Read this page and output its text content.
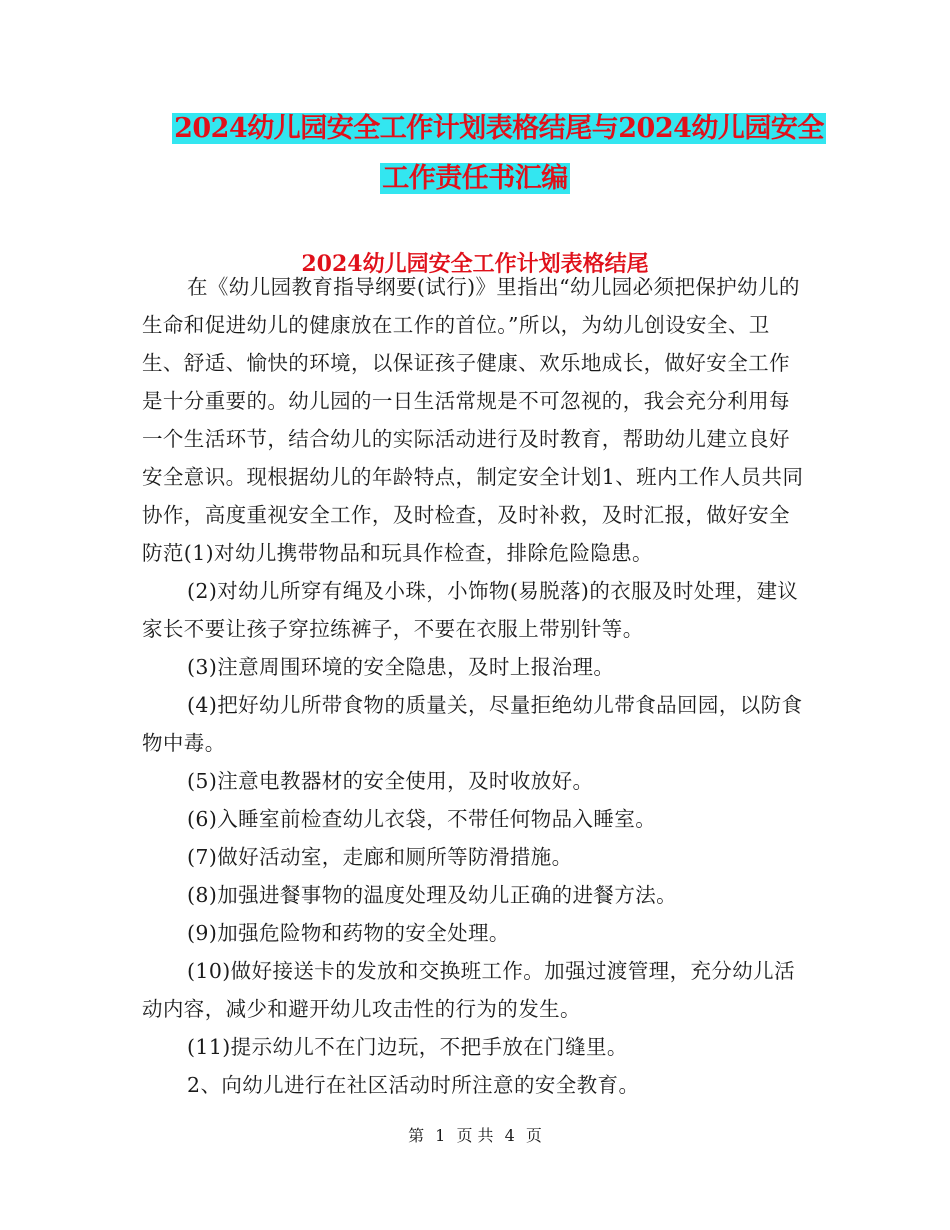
2024幼儿园安全工作计划表格结尾与2024幼儿园安全
工作责任书汇编
2024幼儿园安全工作计划表格结尾

在《幼儿园教育指导纲要(试行)》里指出“幼儿园必须把保护幼儿的生命和促进幼儿的健康放在工作的首位。”所以，为幼儿创设安全、卫生、舒适、愉快的环境，以保证孩子健康、欢乐地成长，做好安全工作是十分重要的。幼儿园的一日生活常规是不可忽视的，我会充分利用每一个生活环节，结合幼儿的实际活动进行及时教育，帮助幼儿建立良好安全意识。现根据幼儿的年龄特点，制定安全计划1、班内工作人员共同协作，高度重视安全工作，及时检查，及时补救，及时汇报，做好安全防范(1)对幼儿携带物品和玩具作检查，排除危险隐患。

(2)对幼儿所穿有绳及小珠，小饰物(易脱落)的衣服及时处理，建议家长不要让孩子穿拉练裤子，不要在衣服上带别针等。

(3)注意周围环境的安全隐患，及时上报治理。

(4)把好幼儿所带食物的质量关，尽量拒绝幼儿带食品回园，以防食物中毒。

(5)注意电教器材的安全使用，及时收放好。

(6)入睡室前检查幼儿衣袋，不带任何物品入睡室。

(7)做好活动室，走廊和厕所等防滑措施。

(8)加强进餐事物的温度处理及幼儿正确的进餐方法。

(9)加强危险物和药物的安全处理。

(10)做好接送卡的发放和交换班工作。加强过渡管理，充分幼儿活动内容，减少和避开幼儿攻击性的行为的发生。

(11)提示幼儿不在门边玩，不把手放在门缝里。

2、向幼儿进行在社区活动时所注意的安全教育。

第 1 页 共 4 页
